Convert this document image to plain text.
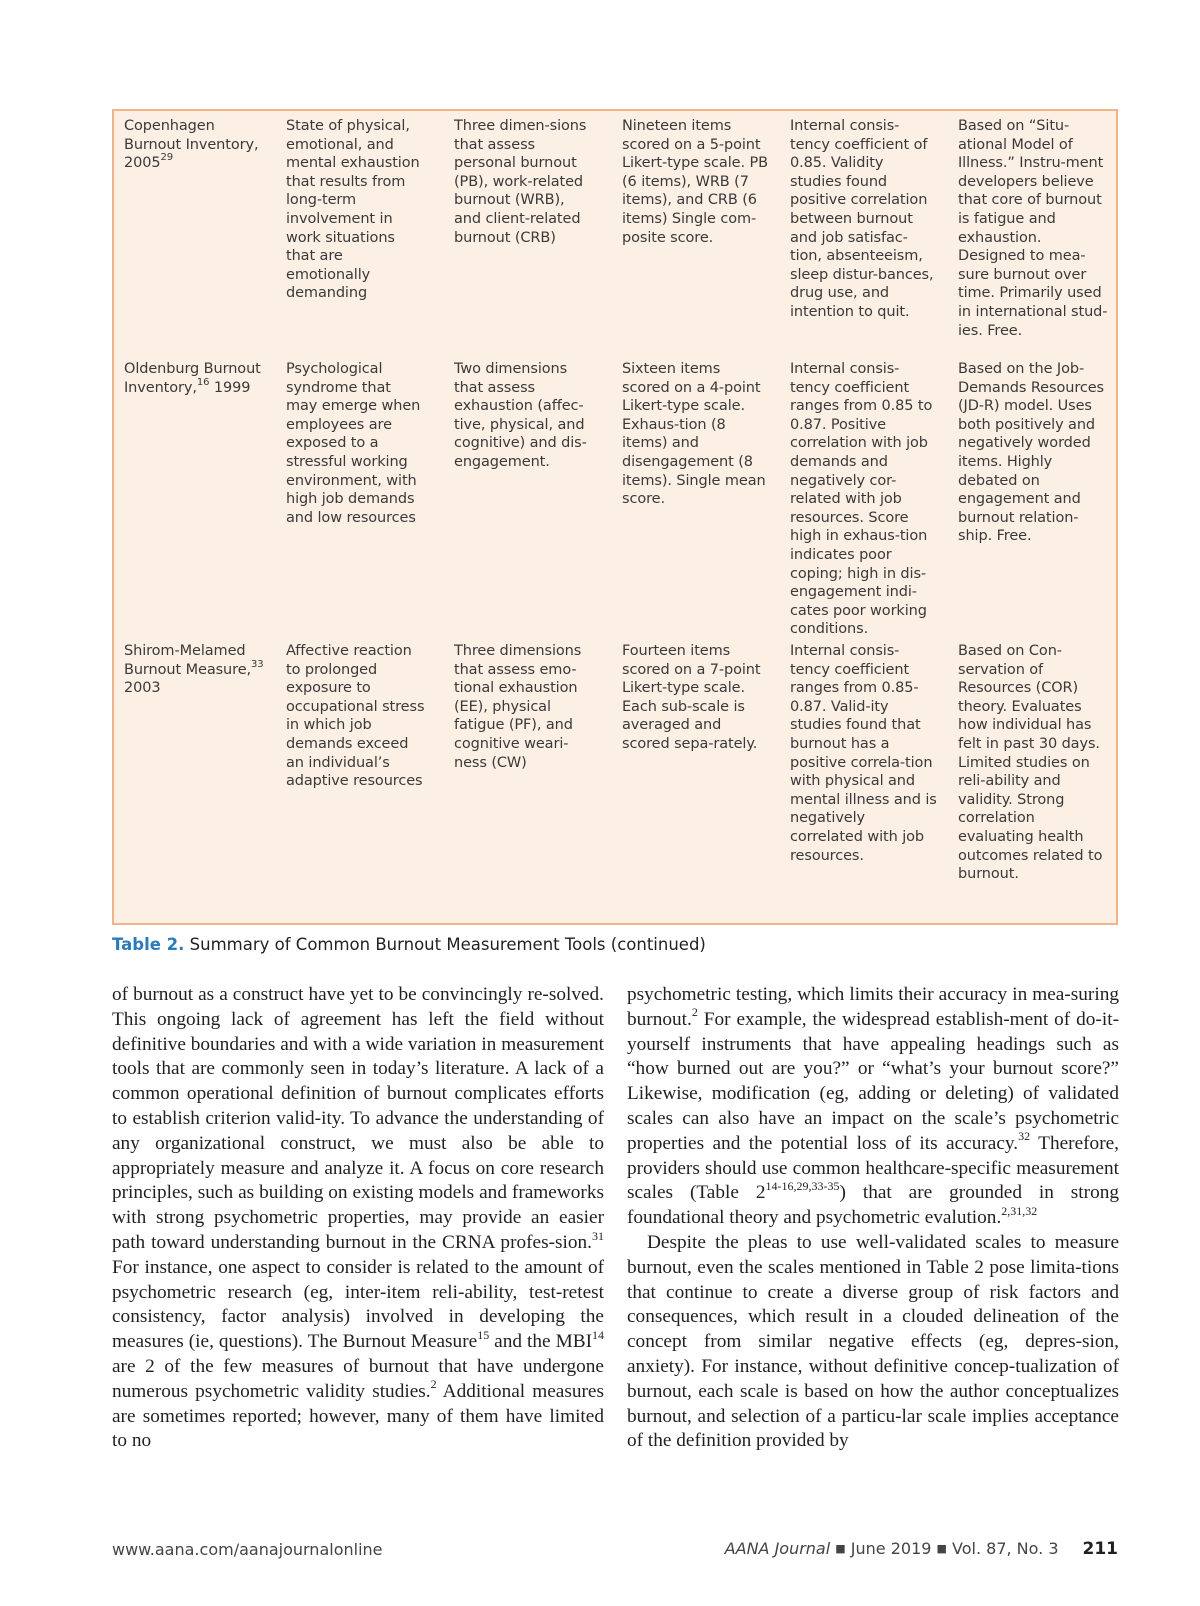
Copenhagen Burnout Inventory, 2005$^{29}$
State of physical, emotional, and mental exhaustion that results from long-term involvement in work situations that are emotionally demanding
Three dimen-sions that assess personal burnout (PB), work-related burnout (WRB), and client-related burnout (CRB)
Nineteen items scored on a 5-point Likert-type scale. PB (6 items), WRB (7 items), and CRB (6 items) Single com-posite score.
Internal consis-tency coefficient of 0.85. Validity studies found positive correlation between burnout and job satisfac-tion, absenteeism, sleep distur-bances, drug use, and intention to quit.
Based on “Situ-ational Model of Illness.” Instru-ment developers believe that core of burnout is fatigue and exhaustion. Designed to mea-sure burnout over time. Primarily used in international stud-ies. Free.
Oldenburg Burnout Inventory,$^{16}$ 1999
Psychological syndrome that may emerge when employees are exposed to a stressful working environment, with high job demands and low resources
Two dimensions that assess exhaustion (affec-tive, physical, and cognitive) and dis-engagement.
Sixteen items scored on a 4-point Likert-type scale. Exhaus-tion (8 items) and disengagement (8 items). Single mean score.
Internal consis-tency coefficient ranges from 0.85 to 0.87. Positive correlation with job demands and negatively cor-related with job resources. Score high in exhaus-tion indicates poor coping; high in dis-engagement indi-cates poor working conditions.
Based on the Job-Demands Resources (JD-R) model. Uses both positively and negatively worded items. Highly debated on engagement and burnout relation-ship. Free.
Shirom-Melamed Burnout Measure,$^{33}$ 2003
Affective reaction to prolonged exposure to occupational stress in which job demands exceed an individual’s adaptive resources
Three dimensions that assess emo-tional exhaustion (EE), physical fatigue (PF), and cognitive weari-ness (CW)
Fourteen items scored on a 7-point Likert-type scale. Each sub-scale is averaged and scored sepa-rately.
Internal consis-tency coefficient ranges from 0.85-0.87. Valid-ity studies found that burnout has a positive correla-tion with physical and mental illness and is negatively correlated with job resources.
Based on Con-servation of Resources (COR) theory. Evaluates how individual has felt in past 30 days. Limited studies on reli-ability and validity. Strong correlation evaluating health outcomes related to burnout.
Table 2. Summary of Common Burnout Measurement Tools (continued)

of burnout as a construct have yet to be convincingly re-solved. This ongoing lack of agreement has left the field without definitive boundaries and with a wide variation in measurement tools that are commonly seen in today’s literature. A lack of a common operational definition of burnout complicates efforts to establish criterion valid-ity. To advance the understanding of any organizational construct, we must also be able to appropriately measure and analyze it. A focus on core research principles, such as building on existing models and frameworks with strong psychometric properties, may provide an easier path toward understanding burnout in the CRNA profes-sion.$^{31}$ For instance, one aspect to consider is related to the amount of psychometric research (eg, inter-item reli-ability, test-retest consistency, factor analysis) involved in developing the measures (ie, questions). The Burnout Measure$^{15}$ and the MBI$^{14}$ are 2 of the few measures of burnout that have undergone numerous psychometric validity studies.$^2$ Additional measures are sometimes reported; however, many of them have limited to no

psychometric testing, which limits their accuracy in mea-suring burnout.$^2$ For example, the widespread establish-ment of do-it-yourself instruments that have appealing headings such as “how burned out are you?” or “what’s your burnout score?” Likewise, modification (eg, adding or deleting) of validated scales can also have an impact on the scale’s psychometric properties and the potential loss of its accuracy.$^{32}$ Therefore, providers should use common healthcare-specific measurement scales (Table 2$^{14-16,29,33-35}$) that are grounded in strong foundational theory and psychometric evalution.$^{2,31,32}$

Despite the pleas to use well-validated scales to measure burnout, even the scales mentioned in Table 2 pose limita-tions that continue to create a diverse group of risk factors and consequences, which result in a clouded delineation of the concept from similar negative effects (eg, depres-sion, anxiety). For instance, without definitive concep-tualization of burnout, each scale is based on how the author conceptualizes burnout, and selection of a particu-lar scale implies acceptance of the definition provided by

www.aana.com/aanajournalonline	AANA Journal ■ June 2019 ■ Vol. 87, No. 3 211
